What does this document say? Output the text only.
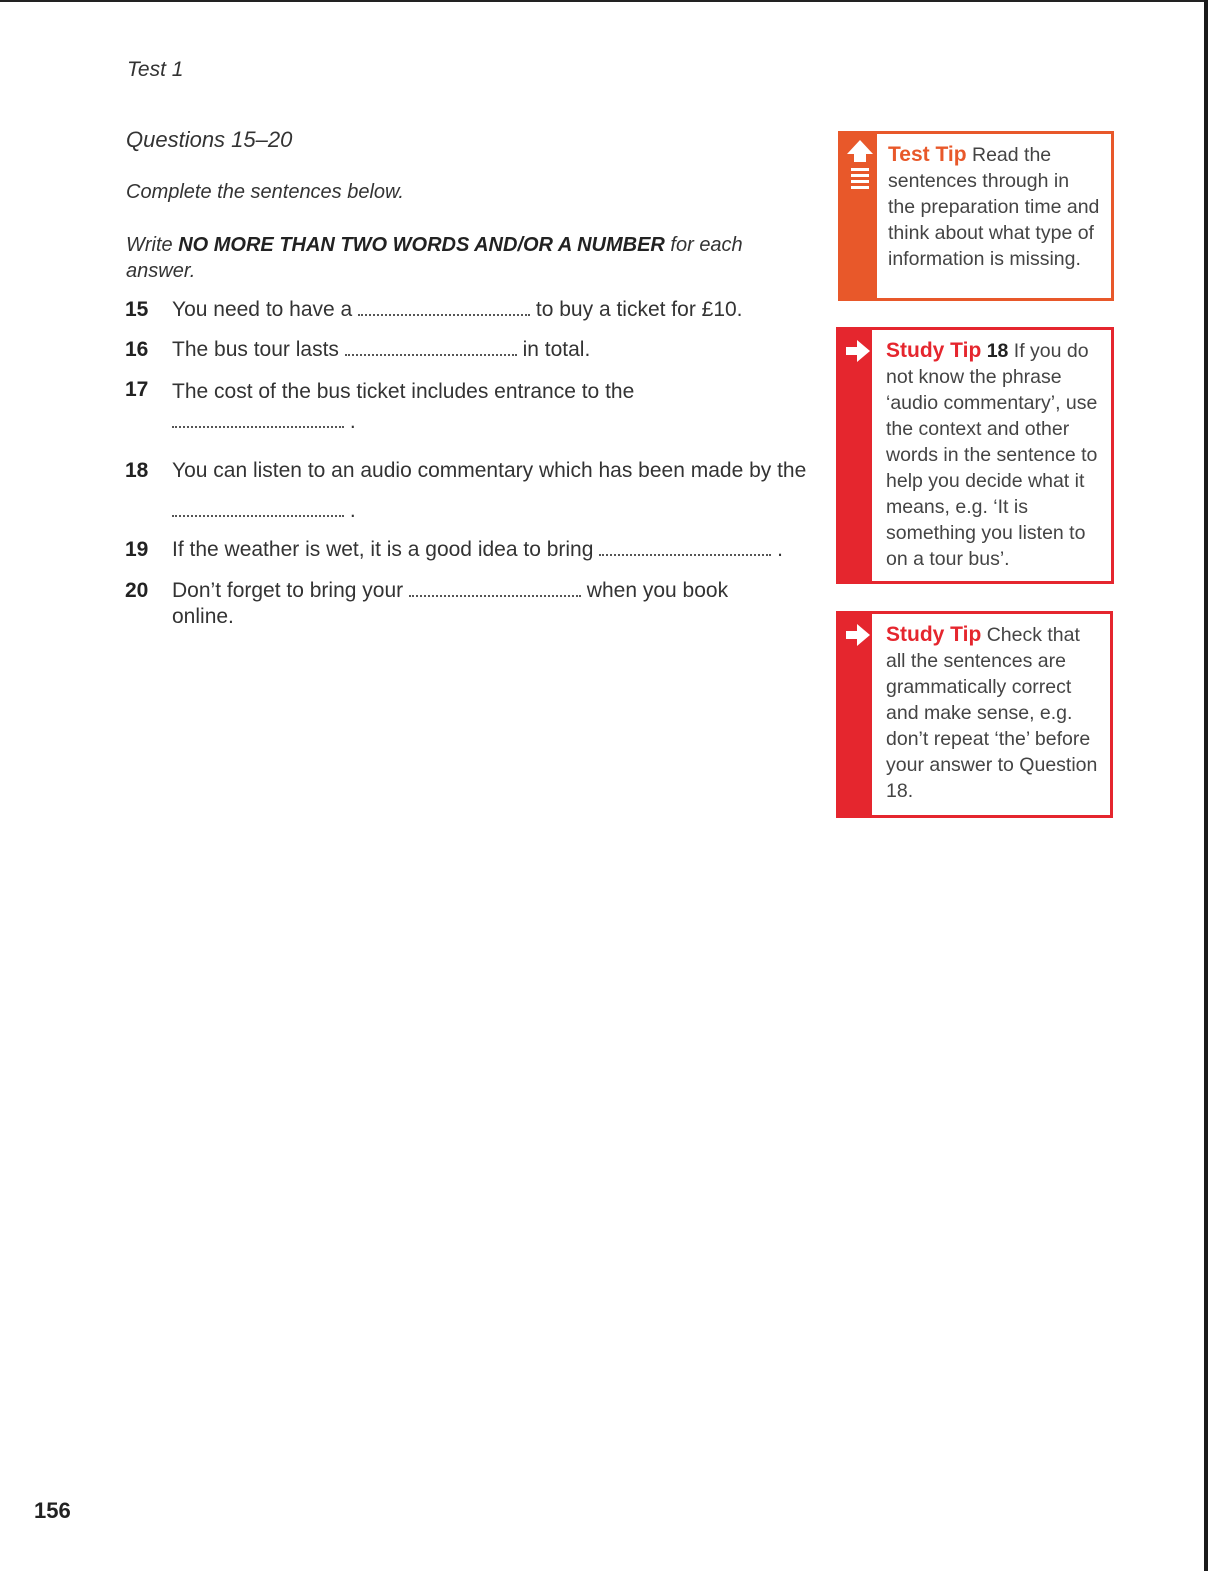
Test 1
Questions 15–20
Complete the sentences below.
Write NO MORE THAN TWO WORDS AND/OR A NUMBER for each answer.
15 You need to have a	to buy a ticket for £10.
16 The bus tour lasts	in total.
17 The cost of the bus ticket includes entrance to the
.
18 You can listen to an audio commentary which has been made by the  .
19 If the weather is wet, it is a good idea to bring	.
20 Don’t forget to bring your	when you book online.
Test Tip Read the sentences through in the preparation time and think about what type of information is missing.
Study Tip 18 If you do not know the phrase ‘audio commentary’, use the context and other words in the sentence to help you decide what it means, e.g. ‘It is something you listen to on a tour bus’.
Study Tip Check that all the sentences are grammatically correct and make sense, e.g. don’t repeat ‘the’ before your answer to Question 18.
156
